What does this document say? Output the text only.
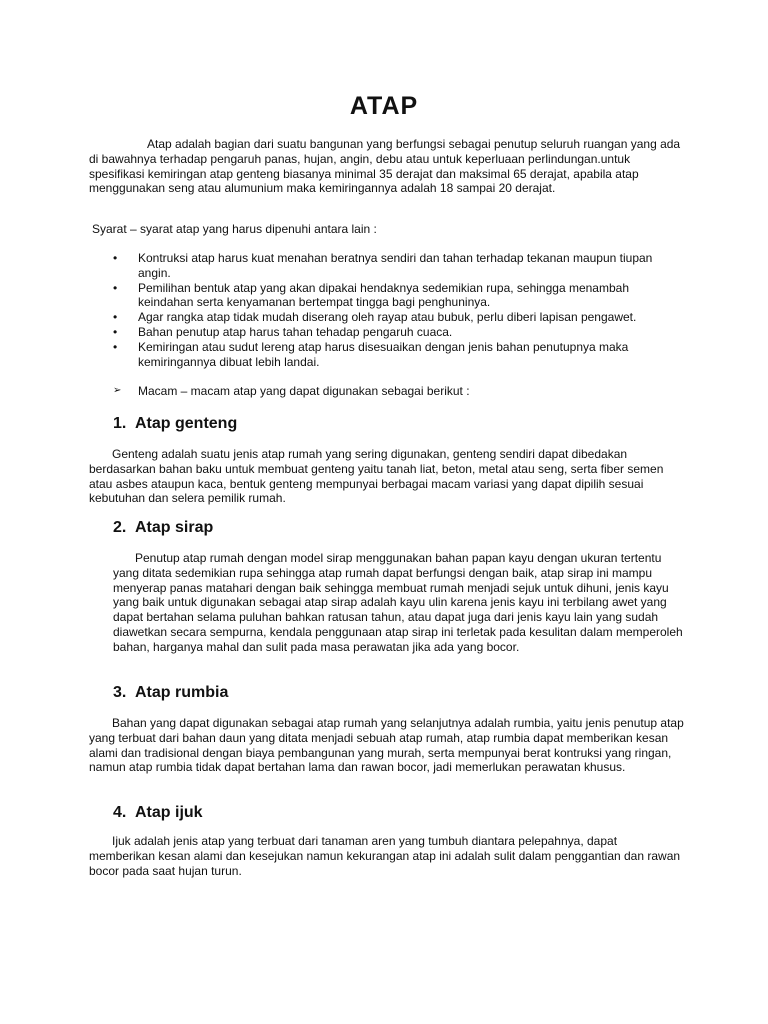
ATAP

Atap adalah bagian dari suatu bangunan yang berfungsi sebagai penutup seluruh ruangan yang ada di bawahnya terhadap pengaruh panas, hujan, angin, debu atau untuk keperluaan perlindungan.untuk spesifikasi kemiringan atap genteng biasanya minimal 35 derajat dan maksimal 65 derajat, apabila atap menggunakan seng atau alumunium maka kemiringannya adalah 18 sampai 20 derajat.

Syarat – syarat atap yang harus dipenuhi antara lain :

• Kontruksi atap harus kuat menahan beratnya sendiri dan tahan terhadap tekanan maupun tiupan angin.
• Pemilihan bentuk atap yang akan dipakai hendaknya sedemikian rupa, sehingga menambah keindahan serta kenyamanan bertempat tingga bagi penghuninya.
• Agar rangka atap tidak mudah diserang oleh rayap atau bubuk, perlu diberi lapisan pengawet.
• Bahan penutup atap harus tahan tehadap pengaruh cuaca.
• Kemiringan atau sudut lereng atap harus disesuaikan dengan jenis bahan penutupnya maka kemiringannya dibuat lebih landai.
➢ Macam – macam atap yang dapat digunakan sebagai berikut :
1. Atap genteng

Genteng adalah suatu jenis atap rumah yang sering digunakan, genteng sendiri dapat dibedakan berdasarkan bahan baku untuk membuat genteng yaitu tanah liat, beton, metal atau seng, serta fiber semen atau asbes ataupun kaca, bentuk genteng mempunyai berbagai macam variasi yang dapat dipilih sesuai kebutuhan dan selera pemilik rumah.

2. Atap sirap

Penutup atap rumah dengan model sirap menggunakan bahan papan kayu dengan ukuran tertentu yang ditata sedemikian rupa sehingga atap rumah dapat berfungsi dengan baik, atap sirap ini mampu menyerap panas matahari dengan baik sehingga membuat rumah menjadi sejuk untuk dihuni, jenis kayu yang baik untuk digunakan sebagai atap sirap adalah kayu ulin karena jenis kayu ini terbilang awet yang dapat bertahan selama puluhan bahkan ratusan tahun, atau dapat juga dari jenis kayu lain yang sudah diawetkan secara sempurna, kendala penggunaan atap sirap ini terletak pada kesulitan dalam memperoleh bahan, harganya mahal dan sulit pada masa perawatan jika ada yang bocor.

3. Atap rumbia

Bahan yang dapat digunakan sebagai atap rumah yang selanjutnya adalah rumbia, yaitu jenis penutup atap yang terbuat dari bahan daun yang ditata menjadi sebuah atap rumah, atap rumbia dapat memberikan kesan alami dan tradisional dengan biaya pembangunan yang murah, serta mempunyai berat kontruksi yang ringan, namun atap rumbia tidak dapat bertahan lama dan rawan bocor, jadi memerlukan perawatan khusus.

4. Atap ijuk

Ijuk adalah jenis atap yang terbuat dari tanaman aren yang tumbuh diantara pelepahnya, dapat memberikan kesan alami dan kesejukan namun kekurangan atap ini adalah sulit dalam penggantian dan rawan bocor pada saat hujan turun.
